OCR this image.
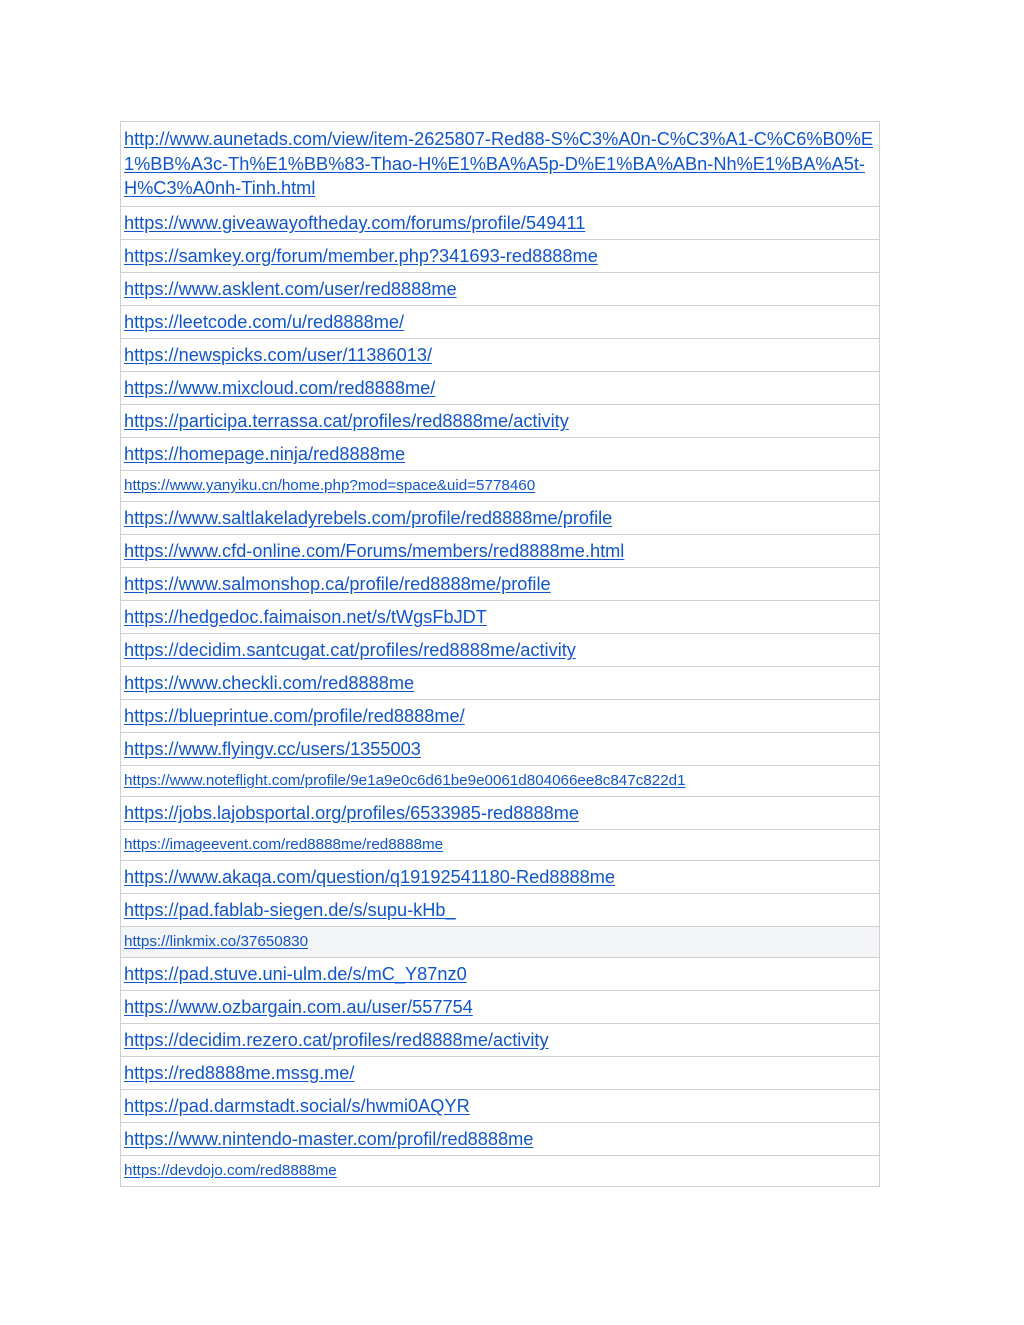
http://www.aunetads.com/view/item-2625807-Red88-S%C3%A0n-C%C3%A1-C%C6%B0%E1%BB%A3c-Th%E1%BB%83-Thao-H%E1%BA%A5p-D%E1%BA%ABn-Nh%E1%BA%A5t-H%C3%A0nh-Tinh.html
https://www.giveawayoftheday.com/forums/profile/549411
https://samkey.org/forum/member.php?341693-red8888me
https://www.asklent.com/user/red8888me
https://leetcode.com/u/red8888me/
https://newspicks.com/user/11386013/
https://www.mixcloud.com/red8888me/
https://participa.terrassa.cat/profiles/red8888me/activity
https://homepage.ninja/red8888me
https://www.yanyiku.cn/home.php?mod=space&uid=5778460
https://www.saltlakeladyrebels.com/profile/red8888me/profile
https://www.cfd-online.com/Forums/members/red8888me.html
https://www.salmonshop.ca/profile/red8888me/profile
https://hedgedoc.faimaison.net/s/tWgsFbJDT
https://decidim.santcugat.cat/profiles/red8888me/activity
https://www.checkli.com/red8888me
https://blueprintue.com/profile/red8888me/
https://www.flyingv.cc/users/1355003
https://www.noteflight.com/profile/9e1a9e0c6d61be9e0061d804066ee8c847c822d1
https://jobs.lajobsportal.org/profiles/6533985-red8888me
https://imageevent.com/red8888me/red8888me
https://www.akaqa.com/question/q19192541180-Red8888me
https://pad.fablab-siegen.de/s/supu-kHb_
https://linkmix.co/37650830
https://pad.stuve.uni-ulm.de/s/mC_Y87nz0
https://www.ozbargain.com.au/user/557754
https://decidim.rezero.cat/profiles/red8888me/activity
https://red8888me.mssg.me/
https://pad.darmstadt.social/s/hwmi0AQYR
https://www.nintendo-master.com/profil/red8888me
https://devdojo.com/red8888me
